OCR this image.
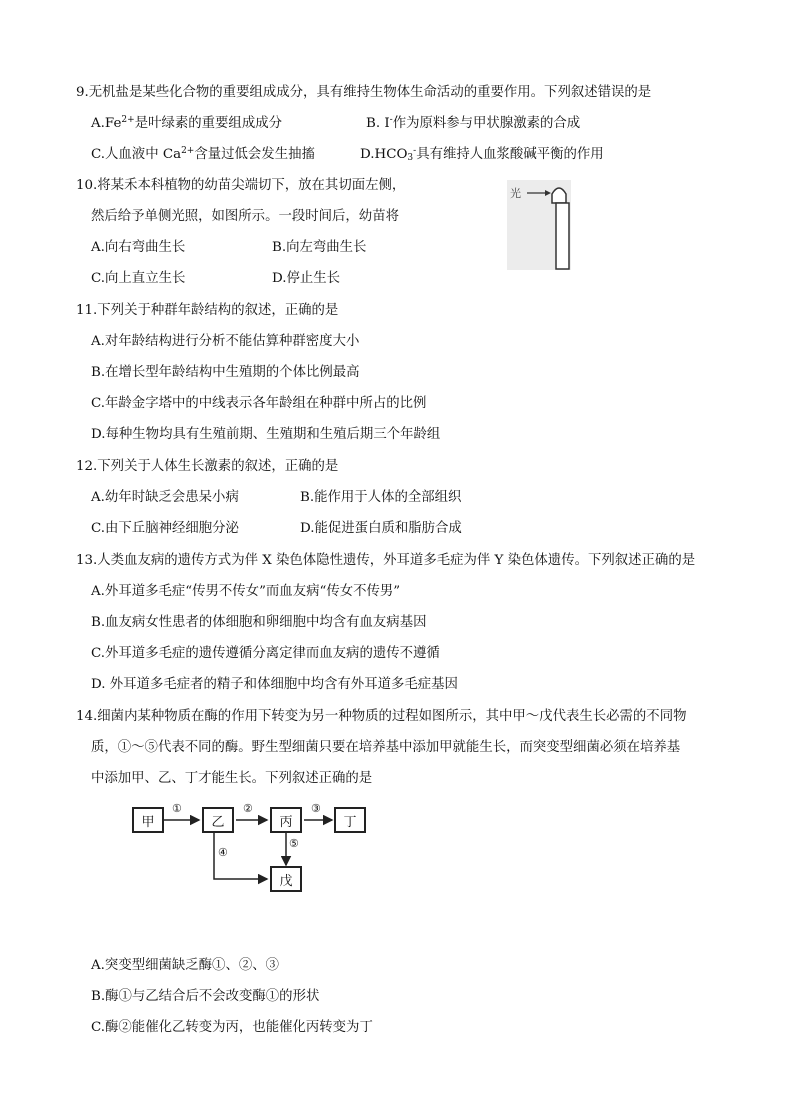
9.无机盐是某些化合物的重要组成成分，具有维持生物体生命活动的重要作用。下列叙述错误的是
$A.Fe^{2+}$是叶绿素的重要组成成分	B. I-作为原料参与甲状腺激素的合成
C.人血液中 $Ca^{2+}$含量过低会发生抽搐	$D.HCO_3^-$具有维持人血浆酸碱平衡的作用
10.将某禾本科植物的幼苗尖端切下，放在其切面左侧，
然后给予单侧光照，如图所示。一段时间后，幼苗将
A.向右弯曲生长	B.向左弯曲生长
C.向上直立生长	D.停止生长
光
11.下列关于种群年龄结构的叙述，正确的是
A.对年龄结构进行分析不能估算种群密度大小
B.在增长型年龄结构中生殖期的个体比例最高
C.年龄金字塔中的中线表示各年龄组在种群中所占的比例
D.每种生物均具有生殖前期、生殖期和生殖后期三个年龄组
12.下列关于人体生长激素的叙述，正确的是
A.幼年时缺乏会患呆小病	B.能作用于人体的全部组织
C.由下丘脑神经细胞分泌	D.能促进蛋白质和脂肪合成
13.人类血友病的遗传方式为伴 X 染色体隐性遗传，外耳道多毛症为伴 Y 染色体遗传。下列叙述正确的是
A.外耳道多毛症“传男不传女”而血友病“传女不传男”
B.血友病女性患者的体细胞和卵细胞中均含有血友病基因
C.外耳道多毛症的遗传遵循分离定律而血友病的遗传不遵循
D. 外耳道多毛症者的精子和体细胞中均含有外耳道多毛症基因
14.细菌内某种物质在酶的作用下转变为另一种物质的过程如图所示，其中甲～戊代表生长必需的不同物
质，①～⑤代表不同的酶。野生型细菌只要在培养基中添加甲就能生长，而突变型细菌必须在培养基
中添加甲、乙、丁才能生长。下列叙述正确的是
甲	乙	丙	丁
戊
①	②	③
④
⑤
A.突变型细菌缺乏酶①、②、③
B.酶①与乙结合后不会改变酶①的形状
C.酶②能催化乙转变为丙，也能催化丙转变为丁
